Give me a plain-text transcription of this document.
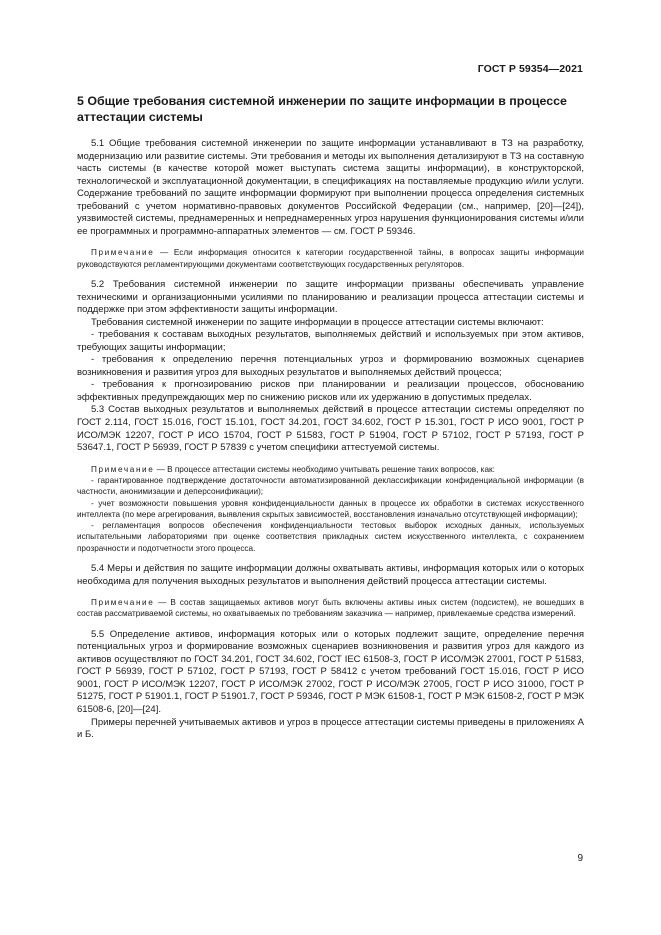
ГОСТ Р 59354—2021
5 Общие требования системной инженерии по защите информации в процессе аттестации системы

5.1 Общие требования системной инженерии по защите информации устанавливают в ТЗ на разработку, модернизацию или развитие системы. Эти требования и методы их выполнения детализируют в ТЗ на составную часть системы (в качестве которой может выступать система защиты информации), в конструкторской, технологической и эксплуатационной документации, в спецификациях на поставляемые продукцию и/или услуги. Содержание требований по защите информации формируют при выполнении процесса определения системных требований с учетом нормативно-правовых документов Российской Федерации (см., например, [20]—[24]), уязвимостей системы, преднамеренных и непреднамеренных угроз нарушения функционирования системы и/или ее программных и программно-аппаратных элементов — см. ГОСТ Р 59346.

Примечание — Если информация относится к категории государственной тайны, в вопросах защиты информации руководствуются регламентирующими документами соответствующих государственных регуляторов.

5.2 Требования системной инженерии по защите информации призваны обеспечивать управление техническими и организационными усилиями по планированию и реализации процесса аттестации системы и поддержке при этом эффективности защиты информации.

Требования системной инженерии по защите информации в процессе аттестации системы включают:

- требования к составам выходных результатов, выполняемых действий и используемых при этом активов, требующих защиты информации;

- требования к определению перечня потенциальных угроз и формированию возможных сценариев возникновения и развития угроз для выходных результатов и выполняемых действий процесса;

- требования к прогнозированию рисков при планировании и реализации процессов, обоснованию эффективных предупреждающих мер по снижению рисков или их удержанию в допустимых пределах.

5.3 Состав выходных результатов и выполняемых действий в процессе аттестации системы определяют по ГОСТ 2.114, ГОСТ 15.016, ГОСТ 15.101, ГОСТ 34.201, ГОСТ 34.602, ГОСТ Р 15.301, ГОСТ Р ИСО 9001, ГОСТ Р ИСО/МЭК 12207, ГОСТ Р ИСО 15704, ГОСТ Р 51583, ГОСТ Р 51904, ГОСТ Р 57102, ГОСТ Р 57193, ГОСТ Р 53647.1, ГОСТ Р 56939, ГОСТ Р 57839 с учетом специфики аттестуемой системы.

Примечание — В процессе аттестации системы необходимо учитывать решение таких вопросов, как:

- гарантированное подтверждение достаточности автоматизированной деклассификации конфиденциальной информации (в частности, анонимизации и деперсонификации);

- учет возможности повышения уровня конфиденциальности данных в процессе их обработки в системах искусственного интеллекта (по мере агрегирования, выявления скрытых зависимостей, восстановления изначально отсутствующей информации);

- регламентация вопросов обеспечения конфиденциальности тестовых выборок исходных данных, используемых испытательными лабораториями при оценке соответствия прикладных систем искусственного интеллекта, с сохранением прозрачности и подотчетности этого процесса.

5.4 Меры и действия по защите информации должны охватывать активы, информация которых или о которых необходима для получения выходных результатов и выполнения действий процесса аттестации системы.

Примечание — В состав защищаемых активов могут быть включены активы иных систем (подсистем), не вошедших в состав рассматриваемой системы, но охватываемых по требованиям заказчика — например, привлекаемые средства измерений.

5.5 Определение активов, информация которых или о которых подлежит защите, определение перечня потенциальных угроз и формирование возможных сценариев возникновения и развития угроз для каждого из активов осуществляют по ГОСТ 34.201, ГОСТ 34.602, ГОСТ IEC 61508-3, ГОСТ Р ИСО/МЭК 27001, ГОСТ Р 51583, ГОСТ Р 56939, ГОСТ Р 57102, ГОСТ Р 57193, ГОСТ Р 58412 с учетом требований ГОСТ 15.016, ГОСТ Р ИСО 9001, ГОСТ Р ИСО/МЭК 12207, ГОСТ Р ИСО/МЭК 27002, ГОСТ Р ИСО/МЭК 27005, ГОСТ Р ИСО 31000, ГОСТ Р 51275, ГОСТ Р 51901.1, ГОСТ Р 51901.7, ГОСТ Р 59346, ГОСТ Р МЭК 61508-1, ГОСТ Р МЭК 61508-2, ГОСТ Р МЭК 61508-6, [20]—[24].

Примеры перечней учитываемых активов и угроз в процессе аттестации системы приведены в приложениях А и Б.

9
